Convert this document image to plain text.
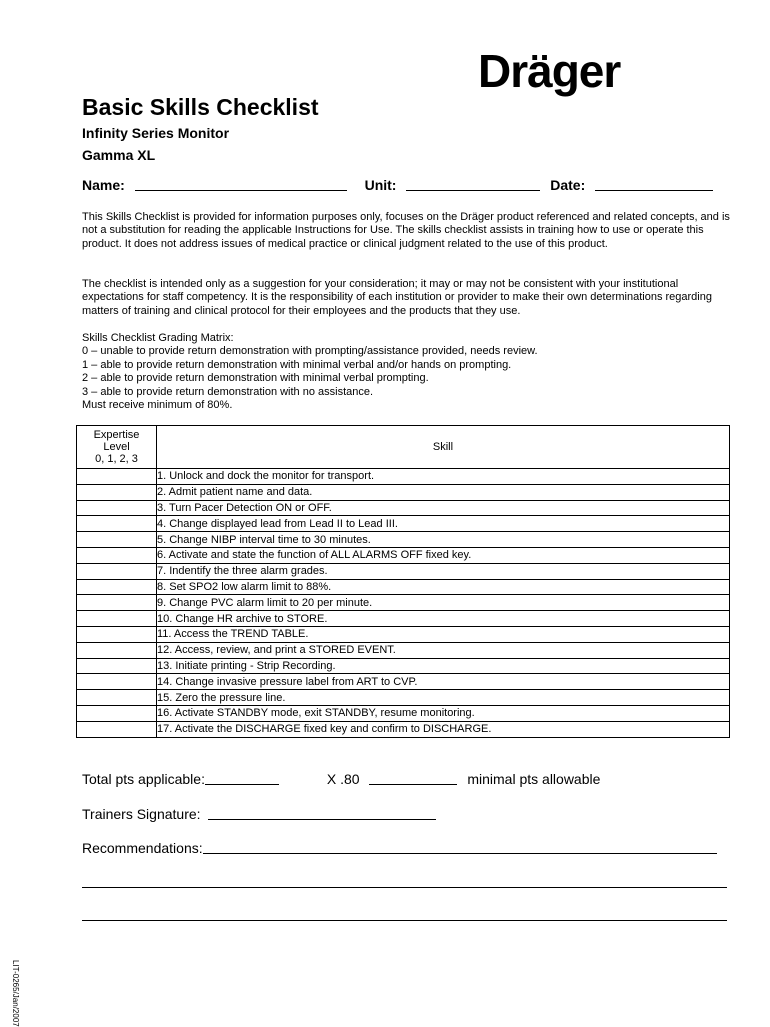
Dräger
Basic Skills Checklist
Infinity Series Monitor
Gamma XL
Name:	Unit:	Date:

This Skills Checklist is provided for information purposes only, focuses on the Dräger product referenced and related concepts, and is not a substitution for reading the applicable Instructions for Use. The skills checklist assists in training how to use or operate this product. It does not address issues of medical practice or clinical judgment related to the use of this product.

The checklist is intended only as a suggestion for your consideration; it may or may not be consistent with your institutional expectations for staff competency. It is the responsibility of each institution or provider to make their own determinations regarding matters of training and clinical protocol for their employees and the products that they use.

Skills Checklist Grading Matrix:
0 – unable to provide return demonstration with prompting/assistance provided, needs review.
1 – able to provide return demonstration with minimal verbal and/or hands on prompting.
2 – able to provide return demonstration with minimal verbal prompting.
3 – able to provide return demonstration with no assistance.
Must receive minimum of 80%.
Expertise
Level
0, 1, 2, 3	Skill
	1. Unlock and dock the monitor for transport.
	2. Admit patient name and data.
	3. Turn Pacer Detection ON or OFF.
	4. Change displayed lead from Lead II to Lead III.
	5. Change NIBP interval time to 30 minutes.
	6. Activate and state the function of ALL ALARMS OFF fixed key.
	7. Indentify the three alarm grades.
	8. Set SPO2 low alarm limit to 88%.
	9. Change PVC alarm limit to 20 per minute.
	10. Change HR archive to STORE.
	11. Access the TREND TABLE.
	12. Access, review, and print a STORED EVENT.
	13. Initiate printing - Strip Recording.
	14. Change invasive pressure label from ART to CVP.
	15. Zero the pressure line.
	16. Activate STANDBY mode, exit STANDBY, resume monitoring.
	17. Activate the DISCHARGE fixed key and confirm to DISCHARGE.
Total pts applicable:	X .80	minimal pts allowable
Trainers Signature:
Recommendations:
LIT-0265/Jan/2007
